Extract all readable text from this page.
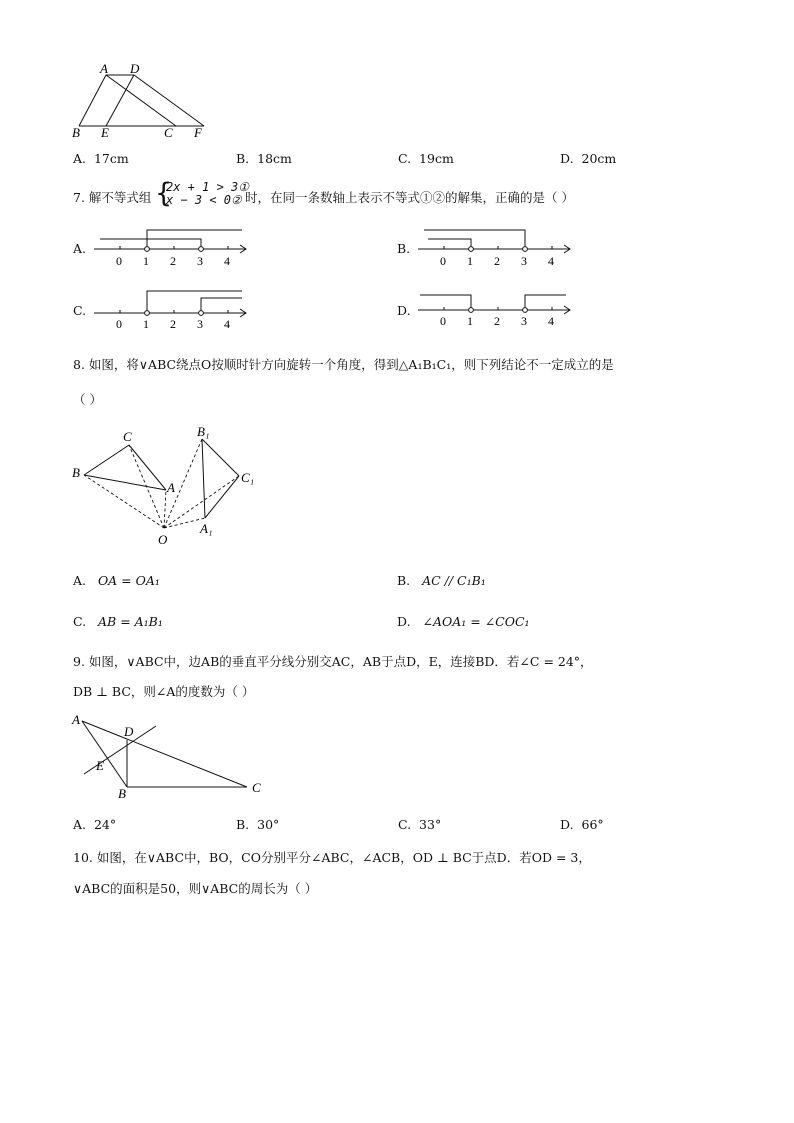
A D
B E	C F
A. 17cm	B. 18cm	C. 19cm	D. 20cm
7. 解不等式组 {
2x + 1 > 3①
x − 3 < 0② 时，在同一条数轴上表示不等式①②的解集，正确的是（ ）
A.
0 1 2 3 4
B.
0 1 2 3 4
C.
0 1 2 3 4
D.
0 1 2 3 4
8. 如图，将∨ABC绕点O按顺时针方向旋转一个角度，得到△A₁B₁C₁，则下列结论不一定成立的是
（ ）
C
B
A
O
B₁
C₁
A₁
A. OA = OA₁	B. AC // C₁B₁
C. AB = A₁B₁	D. ∠AOA₁ = ∠COC₁
9. 如图，∨ABC中，边AB的垂直平分线分别交AC，AB于点D，E，连接BD．若∠C = 24°，
DB ⊥ BC，则∠A的度数为（ ）
A
D
E
B	C
A. 24°	B. 30°	C. 33°	D. 66°
10. 如图，在∨ABC中，BO，CO分别平分∠ABC，∠ACB，OD ⊥ BC于点D．若OD = 3，
∨ABC的面积是50，则∨ABC的周长为（ ）
